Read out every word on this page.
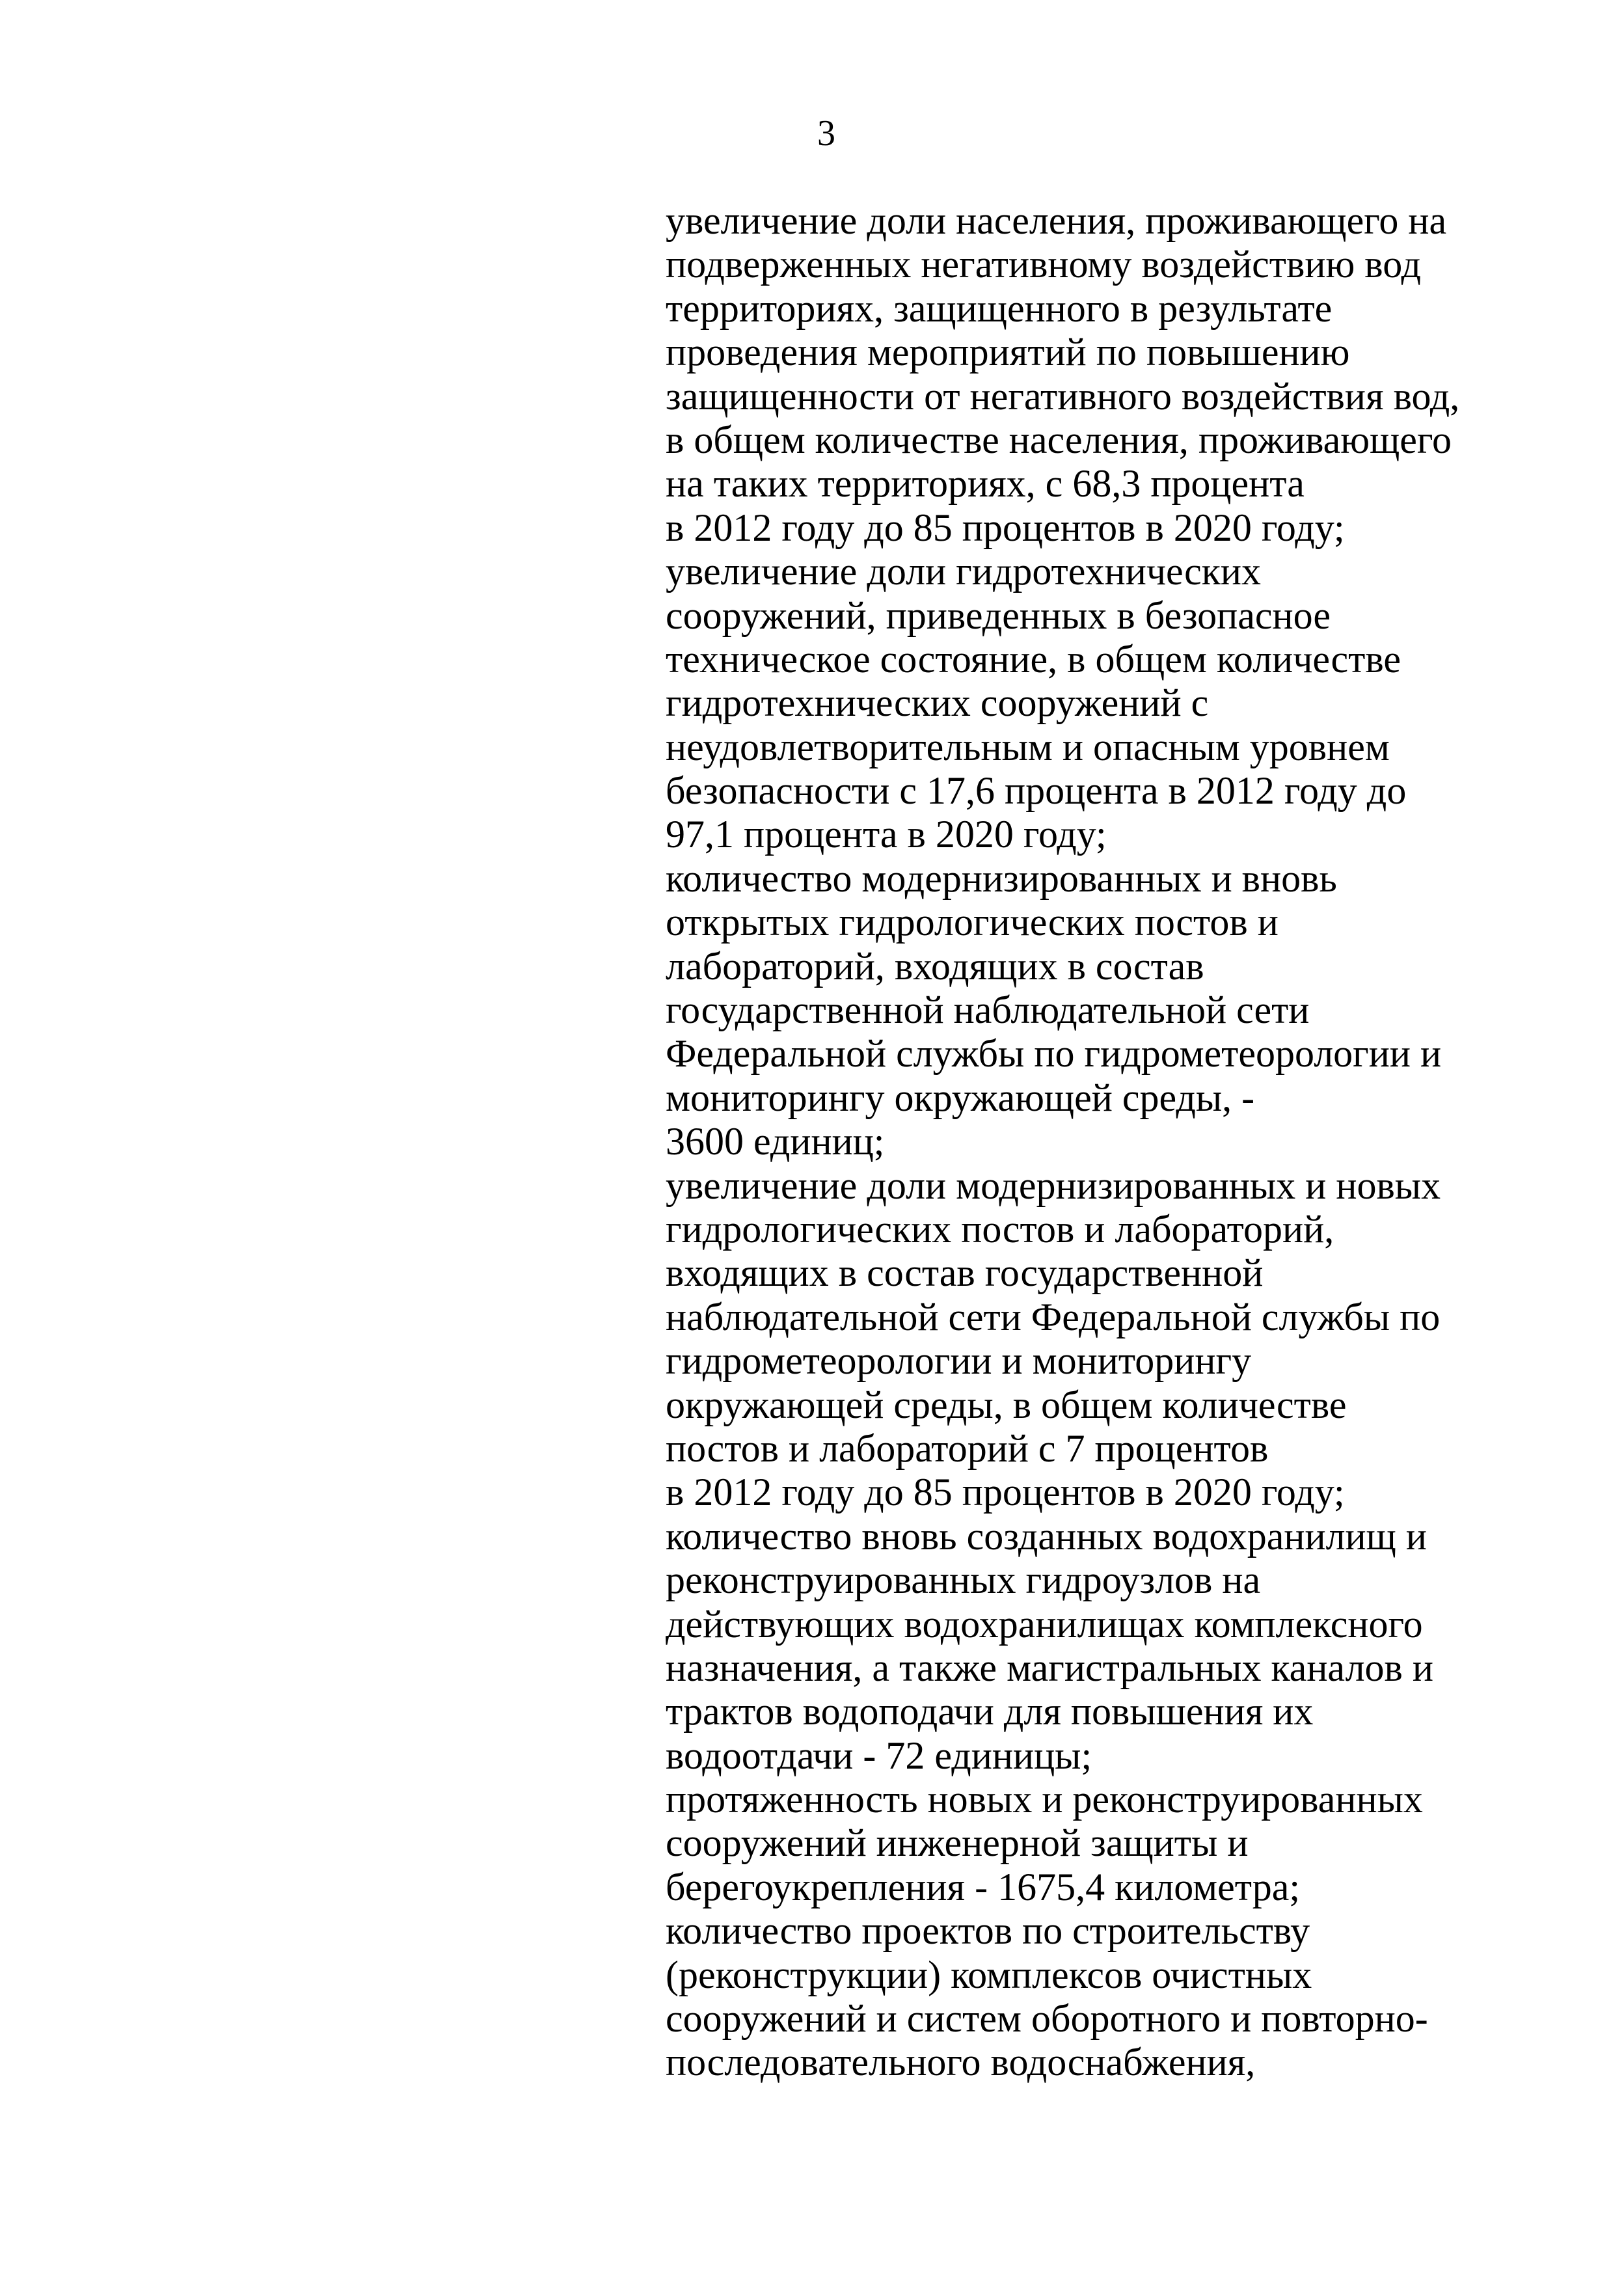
3
увеличение доли населения, проживающего на
подверженных негативному воздействию вод
территориях, защищенного в результате
проведения мероприятий по повышению
защищенности от негативного воздействия вод,
в общем количестве населения, проживающего
на таких территориях, с 68,3 процента
в 2012 году до 85 процентов в 2020 году;
увеличение доли гидротехнических
сооружений, приведенных в безопасное
техническое состояние, в общем количестве
гидротехнических сооружений с
неудовлетворительным и опасным уровнем
безопасности с 17,6 процента в 2012 году до
97,1 процента в 2020 году;
количество модернизированных и вновь
открытых гидрологических постов и
лабораторий, входящих в состав
государственной наблюдательной сети
Федеральной службы по гидрометеорологии и
мониторингу окружающей среды, -
3600 единиц;
увеличение доли модернизированных и новых
гидрологических постов и лабораторий,
входящих в состав государственной
наблюдательной сети Федеральной службы по
гидрометеорологии и мониторингу
окружающей среды, в общем количестве
постов и лабораторий с 7 процентов
в 2012 году до 85 процентов в 2020 году;
количество вновь созданных водохранилищ и
реконструированных гидроузлов на
действующих водохранилищах комплексного
назначения, а также магистральных каналов и
трактов водоподачи для повышения их
водоотдачи - 72 единицы;
протяженность новых и реконструированных
сооружений инженерной защиты и
берегоукрепления - 1675,4 километра;
количество проектов по строительству
(реконструкции) комплексов очистных
сооружений и систем оборотного и повторно-
последовательного водоснабжения,
